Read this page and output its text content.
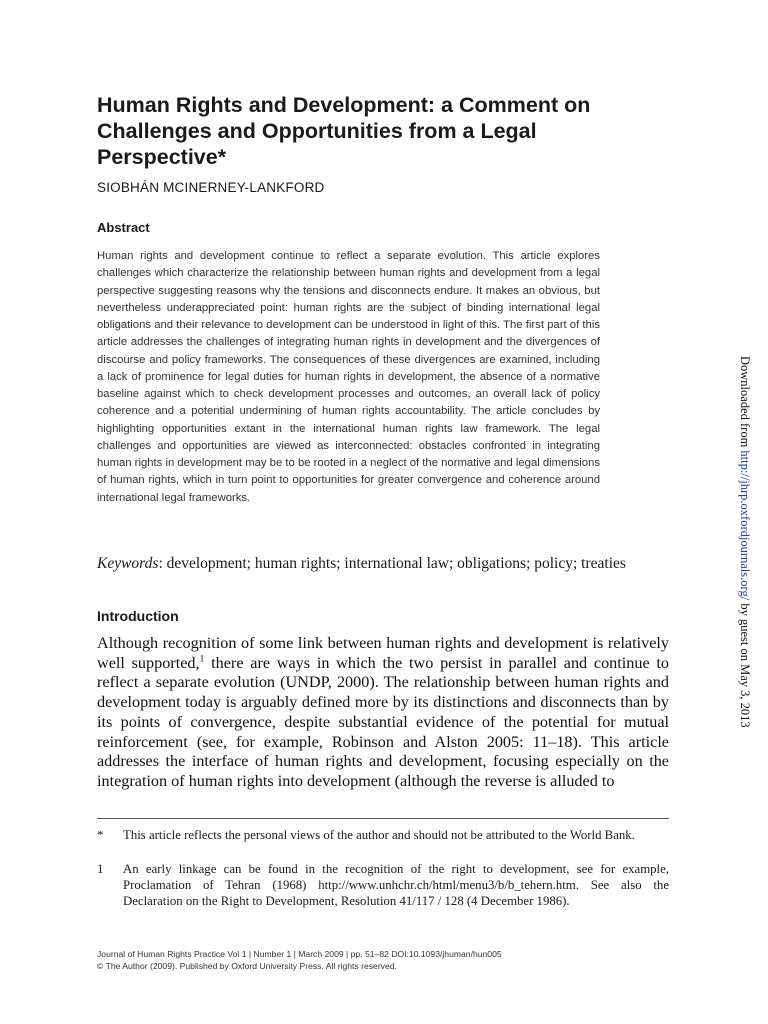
Human Rights and Development: a Comment on Challenges and Opportunities from a Legal Perspective*
SIOBHÁN MCINERNEY-LANKFORD
Abstract

Human rights and development continue to reflect a separate evolution. This article explores challenges which characterize the relationship between human rights and development from a legal perspective suggesting reasons why the tensions and disconnects endure. It makes an obvious, but nevertheless underappreciated point: human rights are the subject of binding international legal obligations and their relevance to development can be understood in light of this. The first part of this article addresses the challenges of integrating human rights in development and the divergences of discourse and policy frameworks. The consequences of these divergences are examined, including a lack of prominence for legal duties for human rights in development, the absence of a normative baseline against which to check development processes and outcomes, an overall lack of policy coherence and a potential undermining of human rights accountability. The article concludes by highlighting opportunities extant in the international human rights law framework. The legal challenges and opportunities are viewed as interconnected: obstacles confronted in integrating human rights in development may be to be rooted in a neglect of the normative and legal dimensions of human rights, which in turn point to opportunities for greater convergence and coherence around international legal frameworks.

Keywords: development; human rights; international law; obligations; policy; treaties

Introduction

Although recognition of some link between human rights and development is relatively well supported,$^1$ there are ways in which the two persist in parallel and continue to reflect a separate evolution (UNDP, 2000). The relationship between human rights and development today is arguably defined more by its distinctions and disconnects than by its points of convergence, despite substantial evidence of the potential for mutual reinforcement (see, for example, Robinson and Alston 2005: 11–18). This article addresses the interface of human rights and development, focusing especially on the integration of human rights into development (although the reverse is alluded to

* This article reflects the personal views of the author and should not be attributed to the World Bank.
1 An early linkage can be found in the recognition of the right to development, see for example, Proclamation of Tehran (1968) http://www.unhchr.ch/html/menu3/b/b_tehern.htm. See also the Declaration on the Right to Development, Resolution 41/117 / 128 (4 December 1986).
Journal of Human Rights Practice Vol 1 | Number 1 | March 2009 | pp. 51–82 DOI:10.1093/jhuman/hun005
© The Author (2009). Published by Oxford University Press. All rights reserved.
Downloaded from http://jhrp.oxfordjournals.org/ by guest on May 3, 2013
